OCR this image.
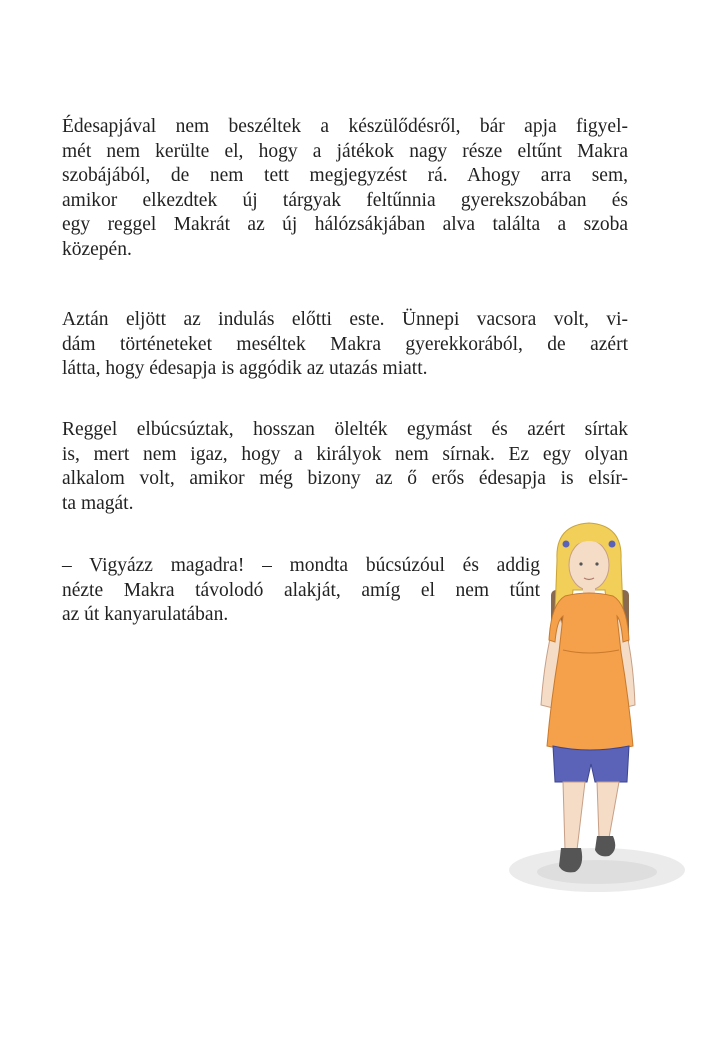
Édesapjával nem beszéltek a készülődésről, bár apja figyel-
mét nem kerülte el, hogy a játékok nagy része eltűnt Makra
szobájából, de nem tett megjegyzést rá. Ahogy arra sem,
amikor elkezdtek új tárgyak feltűnnia gyerekszobában és
egy reggel Makrát az új hálózsákjában alva találta a szoba
közepén.
Aztán eljött az indulás előtti este. Ünnepi vacsora volt, vi-
dám történeteket meséltek Makra gyerekkorából, de azért
látta, hogy édesapja is aggódik az utazás miatt.
Reggel elbúcsúztak, hosszan ölelték egymást és azért sírtak
is, mert nem igaz, hogy a királyok nem sírnak. Ez egy olyan
alkalom volt, amikor még bizony az ő erős édesapja is elsír-
ta magát.
– Vigyázz magadra! – mondta búcsúzóul és addig
nézte Makra távolodó alakját, amíg el nem tűnt
az út kanyarulatában.
